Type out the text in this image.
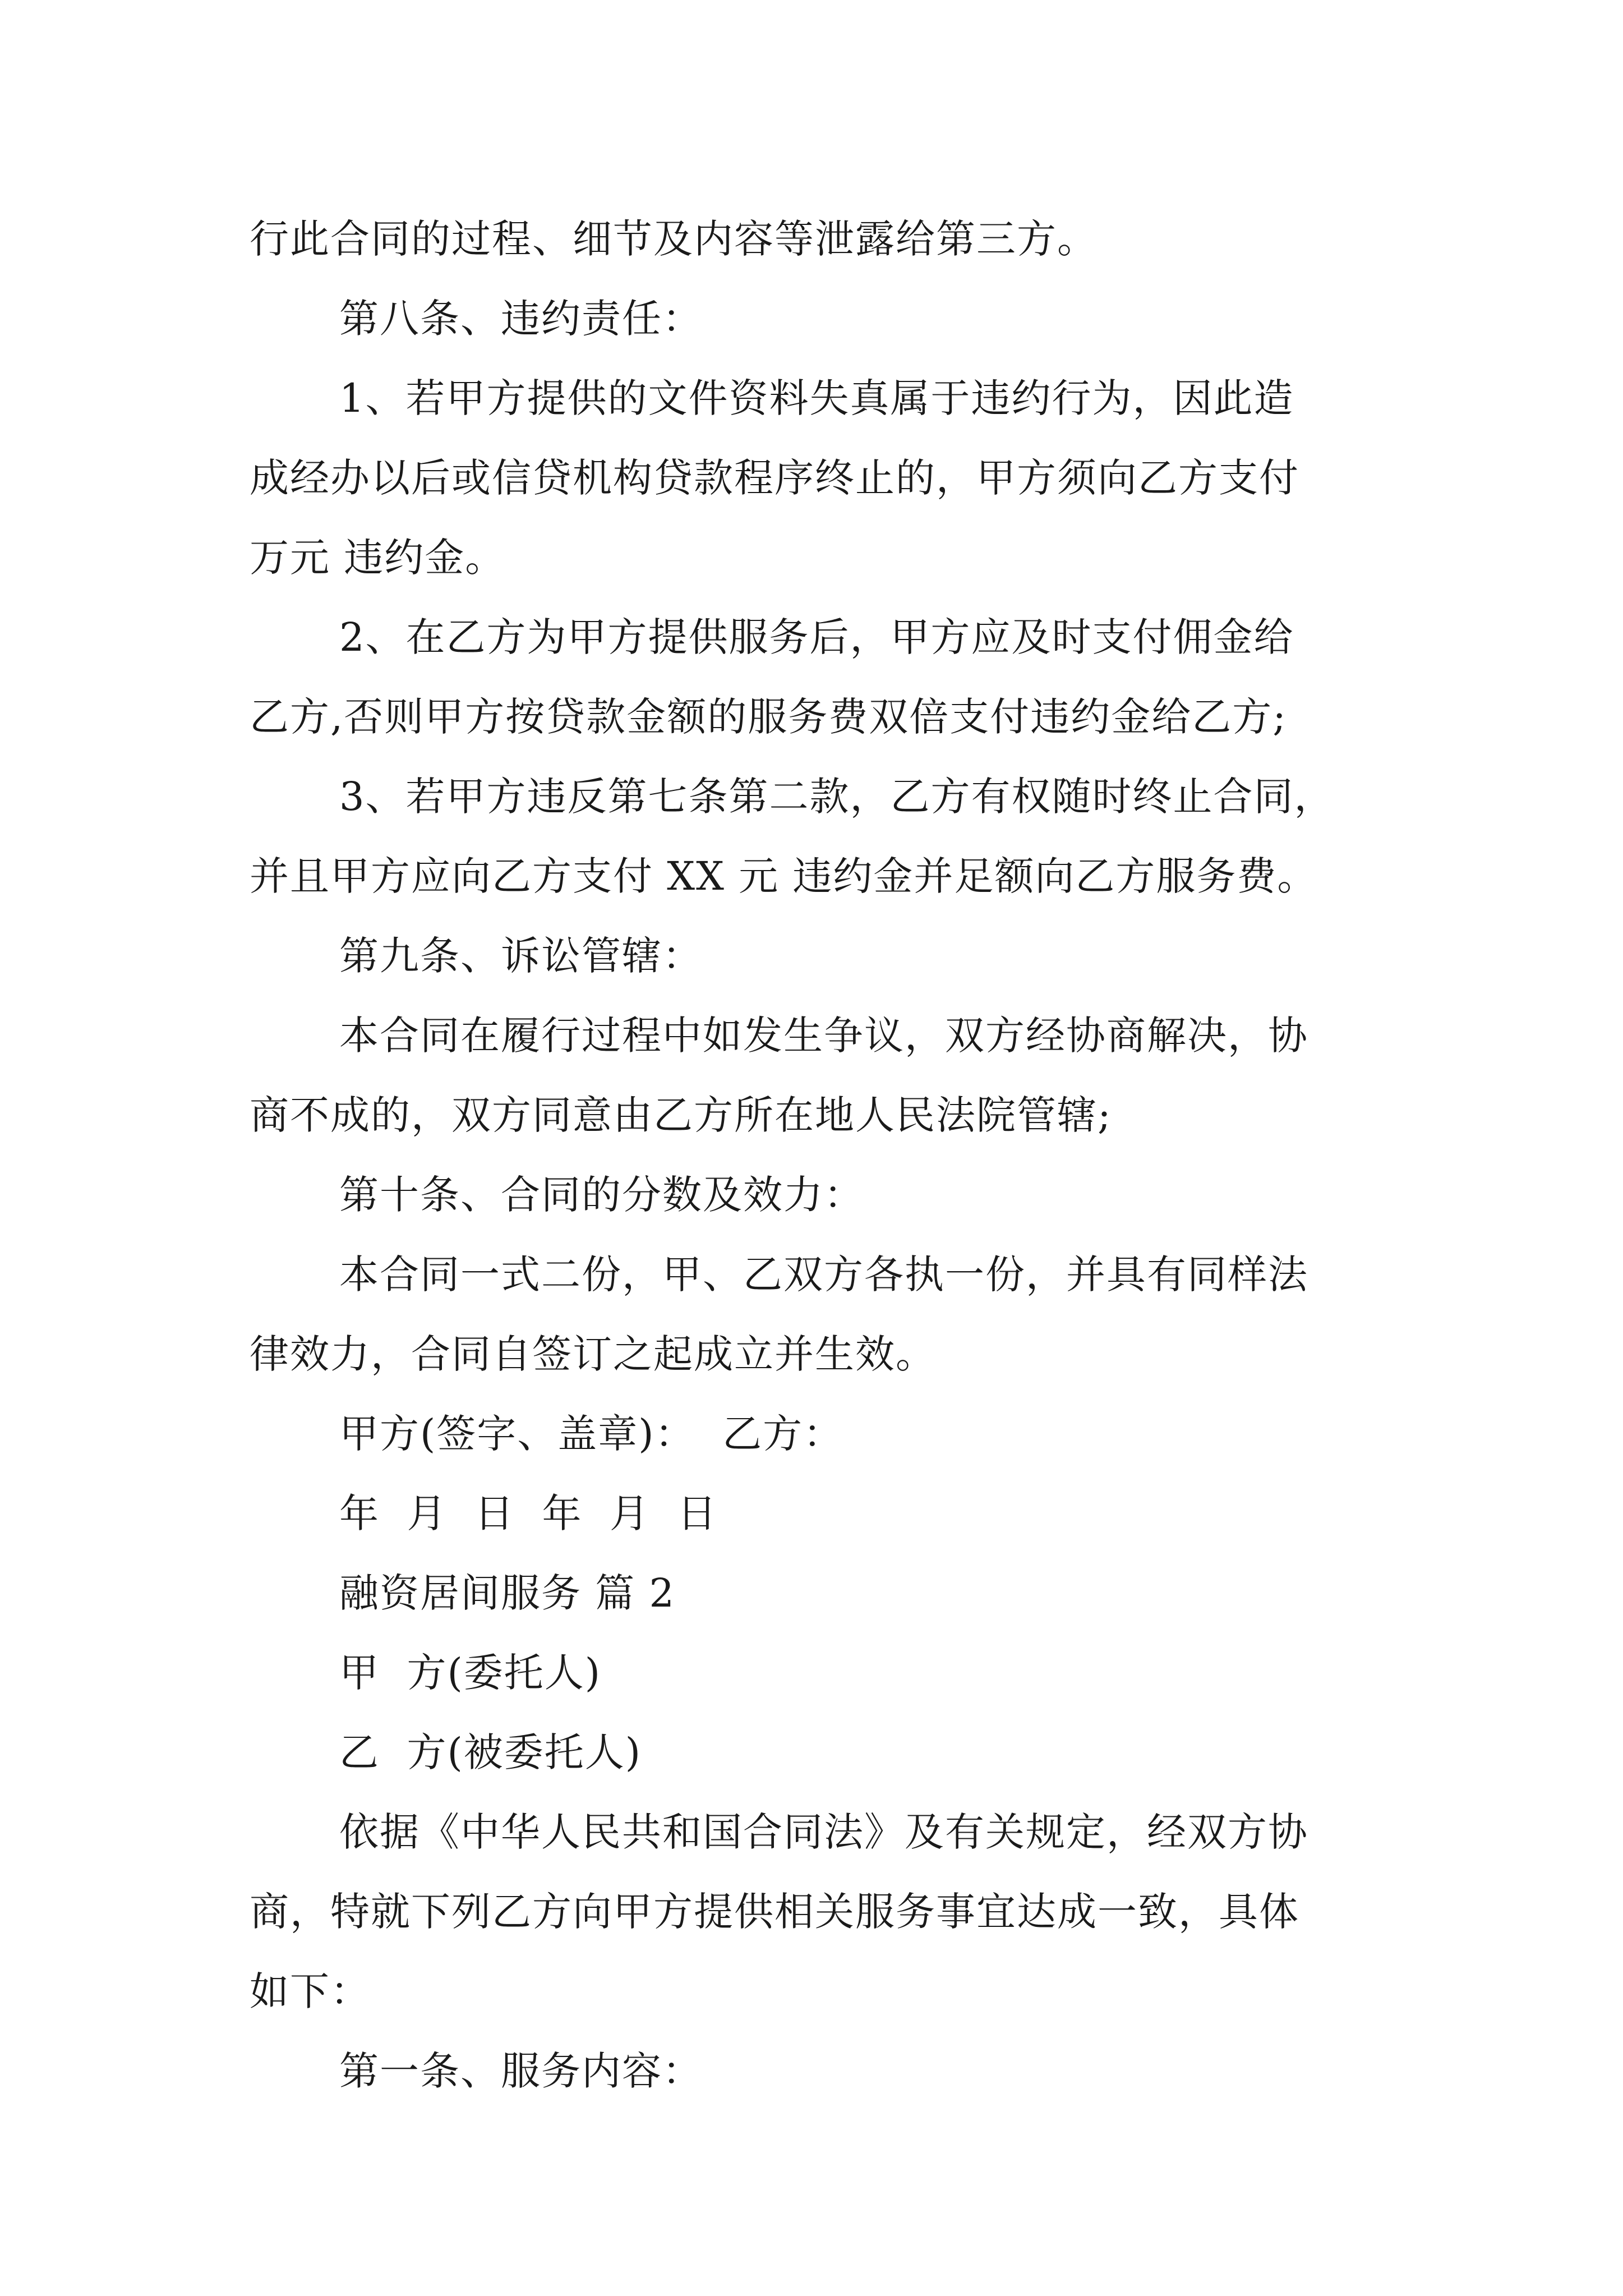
行此合同的过程、细节及内容等泄露给第三方。

第八条、违约责任：

1、若甲方提供的文件资料失真属于违约行为，因此造

成经办以后或信贷机构贷款程序终止的，甲方须向乙方支付

万元 违约金。

2、在乙方为甲方提供服务后，甲方应及时支付佣金给

乙方,否则甲方按贷款金额的服务费双倍支付违约金给乙方;

3、若甲方违反第七条第二款，乙方有权随时终止合同，

并且甲方应向乙方支付 XX 元 违约金并足额向乙方服务费。

第九条、诉讼管辖：

本合同在履行过程中如发生争议，双方经协商解决，协

商不成的，双方同意由乙方所在地人民法院管辖;

第十条、合同的分数及效力：

本合同一式二份，甲、乙双方各执一份，并具有同样法

律效力，合同自签订之起成立并生效。

甲方(签字、盖章)：  乙方：

年  月  日  年  月  日

融资居间服务 篇 2

甲  方(委托人)

乙  方(被委托人)

依据《中华人民共和国合同法》及有关规定，经双方协

商，特就下列乙方向甲方提供相关服务事宜达成一致，具体

如下：

第一条、服务内容：
